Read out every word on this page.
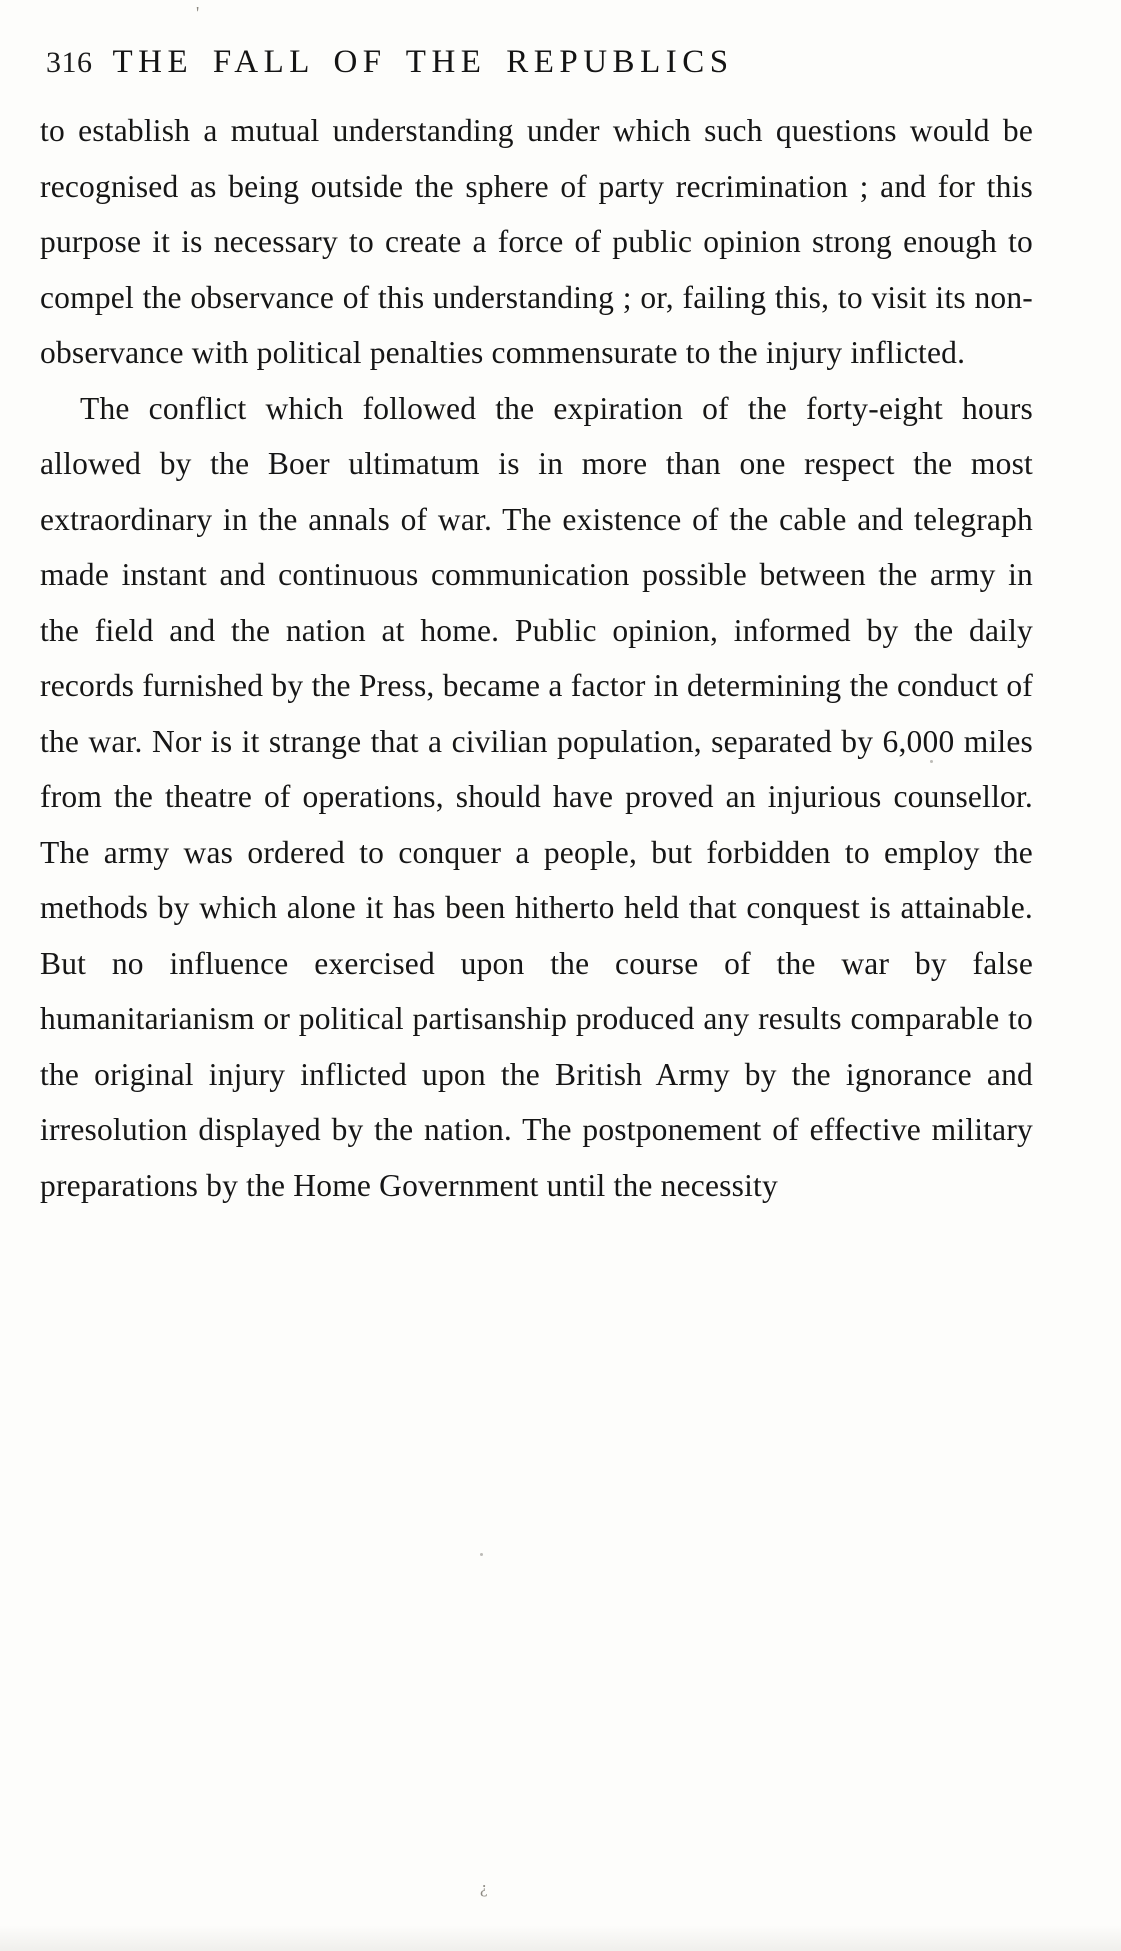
'
316 THE FALL OF THE REPUBLICS

to establish a mutual understanding under which such questions would be recognised as being outside the sphere of party recrimination ; and for this purpose it is necessary to create a force of public opinion strong enough to compel the observance of this understanding ; or, failing this, to visit its non-observance with political penalties commensurate to the injury inflicted.

The conflict which followed the expiration of the forty-eight hours allowed by the Boer ultimatum is in more than one respect the most extraordinary in the annals of war. The existence of the cable and telegraph made instant and continuous communication possible between the army in the field and the nation at home. Public opinion, informed by the daily records furnished by the Press, became a factor in determining the conduct of the war. Nor is it strange that a civilian population, separated by 6,000 miles from the theatre of operations, should have proved an injurious counsellor. The army was ordered to conquer a people, but forbidden to employ the methods by which alone it has been hitherto held that conquest is attainable. But no influence exercised upon the course of the war by false humanitarianism or political partisanship produced any results comparable to the original injury inflicted upon the British Army by the ignorance and irresolution displayed by the nation. The postponement of effective military preparations by the Home Government until the necessity

¿
